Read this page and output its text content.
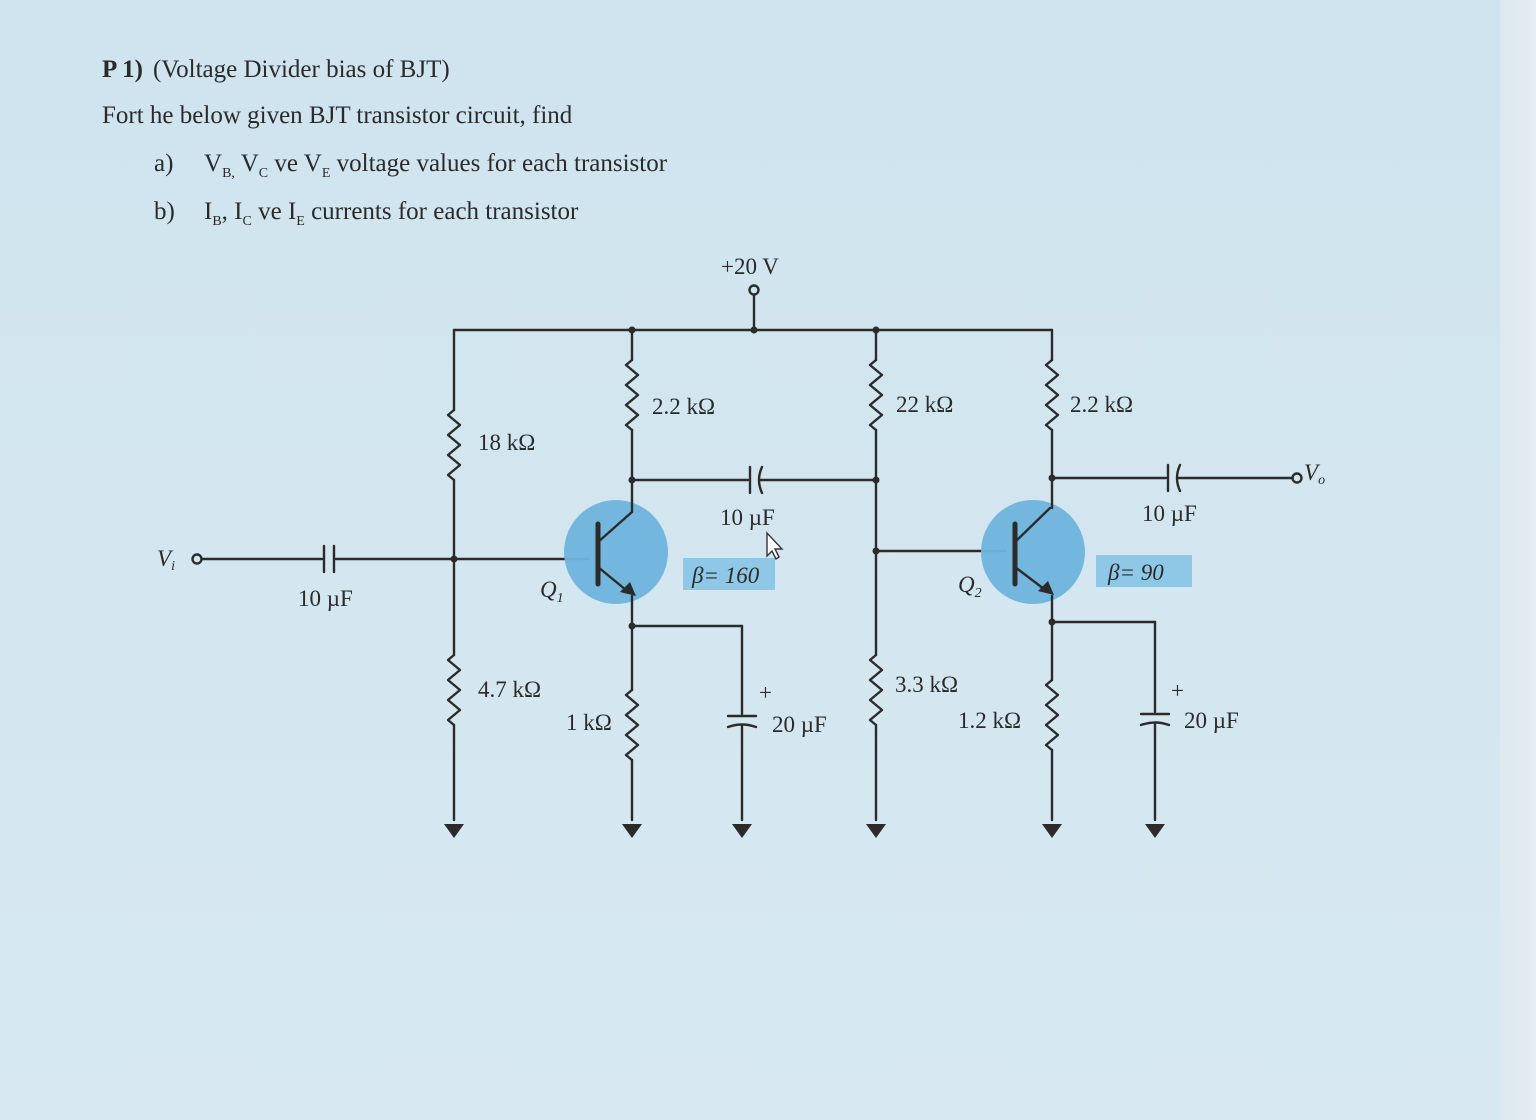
P 1) (Voltage Divider bias of BJT)
Fort he below given BJT transistor circuit, find
a) $V_{B,}$ $V_C$ ve $V_E$ voltage values for each transistor
b) $I_B$, $I_C$ ve $I_E$ currents for each transistor
+20 V
Vi
Vo
10 µF
18 kΩ
4.7 kΩ
$Q_1$
2.2 kΩ
1 kΩ
10 µF
β= 160
+
20 µF
22 kΩ
3.3 kΩ
$Q_2$
2.2 kΩ
1.2 kΩ
10 µF
β= 90
+
20 µF
